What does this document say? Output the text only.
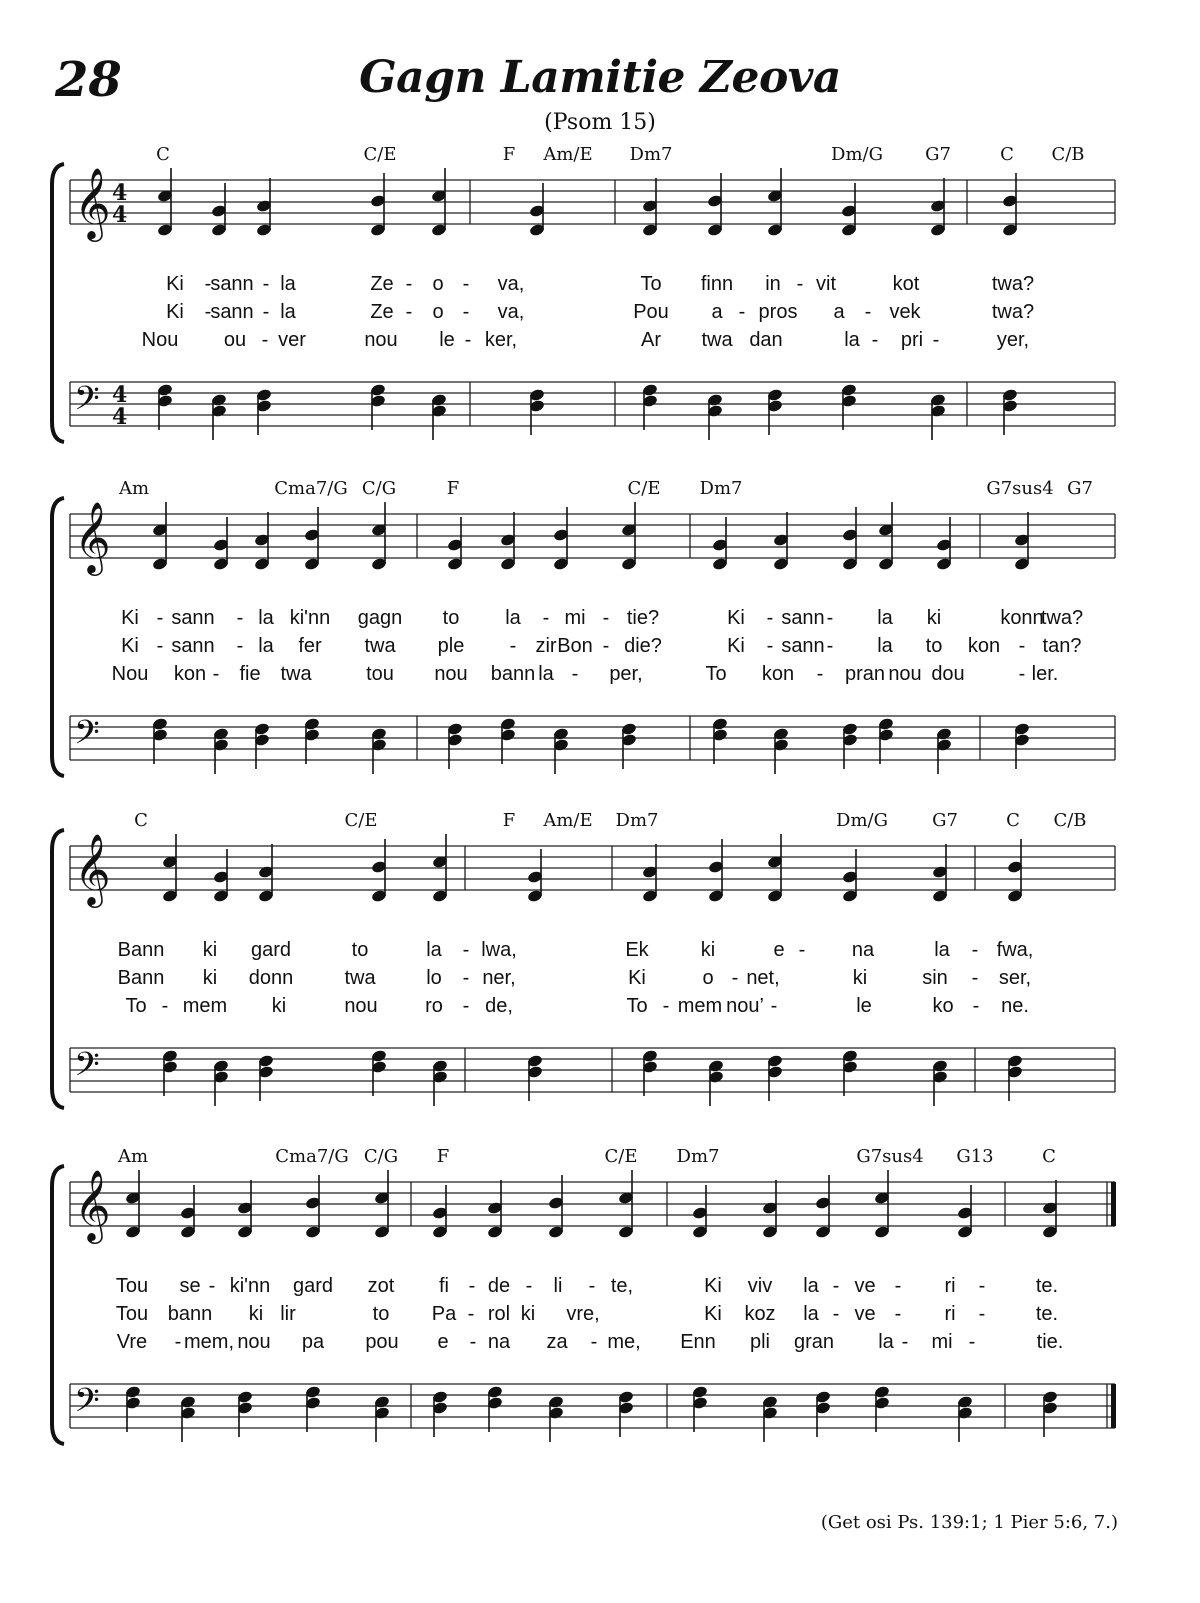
28	Gagn Lamitie Zeova
(Psom 15)
𝄞 4
4
𝄢 4
4
C	C/E	F Am/E Dm7	Dm/G G7	C C/B
Ki -
sann - la	Ze - o - va,	To finn in - vit	kot	twa?
Ki -
sann - la	Ze - o - va,	Pou a - pros a - vek	twa?
Nou ou - ver	nou le - ker,	Ar twa dan	la - pri -	yer,
𝄞
𝄢
Am	Cma7/G C/G	F	C/E Dm7	G7sus4 G7
Ki - sann - la ki'nn gagn to la - mi - tie?	Ki - sann - la ki	konn
twa?
Ki - sann - la fer twa ple - zir Bon - die?	Ki - sann - la to kon - tan?
Nou kon - fie twa	tou nou bann la - per,	To kon - pran nou dou	- ler.
𝄞
𝄢
C	C/E	F Am/E Dm7	Dm/G G7	C C/B
Bann ki gard	to	la - lwa,	Ek	ki	e - na	la - fwa,
Bann ki donn	twa	lo - ner,	Ki	o - net,	ki	sin - ser,
To - mem ki	nou ro - de,	To - mem nou’ -	le	ko - ne.
𝄞
𝄢
Am	Cma7/G C/G F	C/E Dm7	G7sus4 G13	C
Tou se - ki'nn gard zot fi - de - li - te,	Ki viv la - ve - ri -	te.
Tou bann ki lir	to Pa - rol ki vre,	Ki koz la - ve - ri -	te.
Vre - mem, nou pa pou e - na za - me, Enn pli gran la - mi -	tie.
(Get osi Ps. 139:1; 1 Pier 5:6, 7.)
